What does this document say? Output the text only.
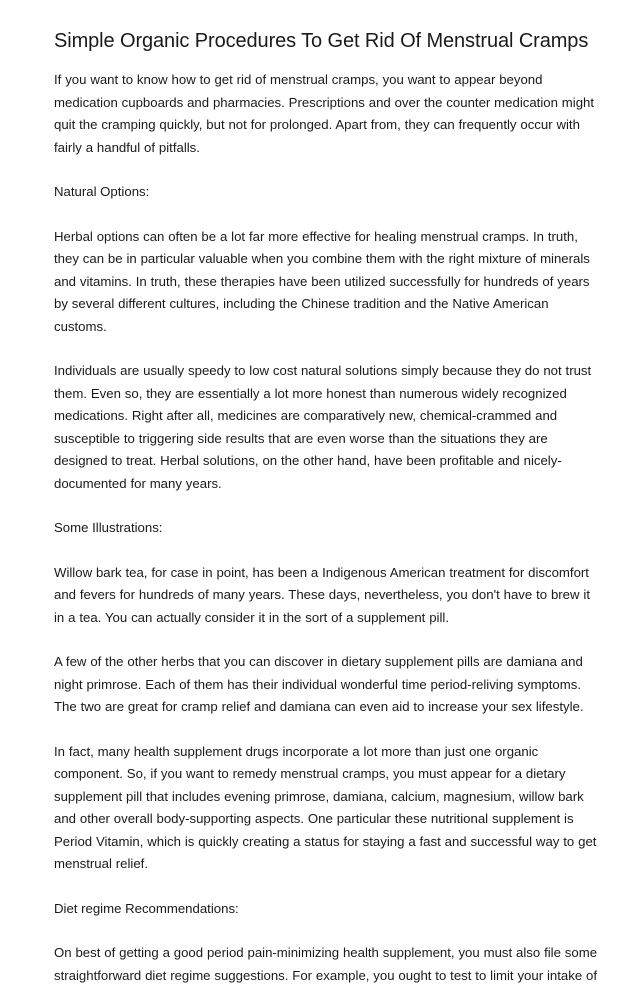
Simple Organic Procedures To Get Rid Of Menstrual Cramps

If you want to know how to get rid of menstrual cramps, you want to appear beyond medication cupboards and pharmacies. Prescriptions and over the counter medication might quit the cramping quickly, but not for prolonged. Apart from, they can frequently occur with fairly a handful of pitfalls.

Natural Options:

Herbal options can often be a lot far more effective for healing menstrual cramps. In truth, they can be in particular valuable when you combine them with the right mixture of minerals and vitamins. In truth, these therapies have been utilized successfully for hundreds of years by several different cultures, including the Chinese tradition and the Native American customs.

Individuals are usually speedy to low cost natural solutions simply because they do not trust them. Even so, they are essentially a lot more honest than numerous widely recognized medications. Right after all, medicines are comparatively new, chemical-crammed and susceptible to triggering side results that are even worse than the situations they are designed to treat. Herbal solutions, on the other hand, have been profitable and nicely-documented for many years.

Some Illustrations:

Willow bark tea, for case in point, has been a Indigenous American treatment for discomfort and fevers for hundreds of many years. These days, nevertheless, you don't have to brew it in a tea. You can actually consider it in the sort of a supplement pill.

A few of the other herbs that you can discover in dietary supplement pills are damiana and night primrose. Each of them has their individual wonderful time period-reliving symptoms. The two are great for cramp relief and damiana can even aid to increase your sex lifestyle.

In fact, many health supplement drugs incorporate a lot more than just one organic component. So, if you want to remedy menstrual cramps, you must appear for a dietary supplement pill that includes evening primrose, damiana, calcium, magnesium, willow bark and other overall body-supporting aspects. One particular these nutritional supplement is Period Vitamin, which is quickly creating a status for staying a fast and successful way to get menstrual relief.

Diet regime Recommendations:

On best of getting a good period pain-minimizing health supplement, you must also file some straightforward diet regime suggestions. For example, you ought to test to limit your intake of
